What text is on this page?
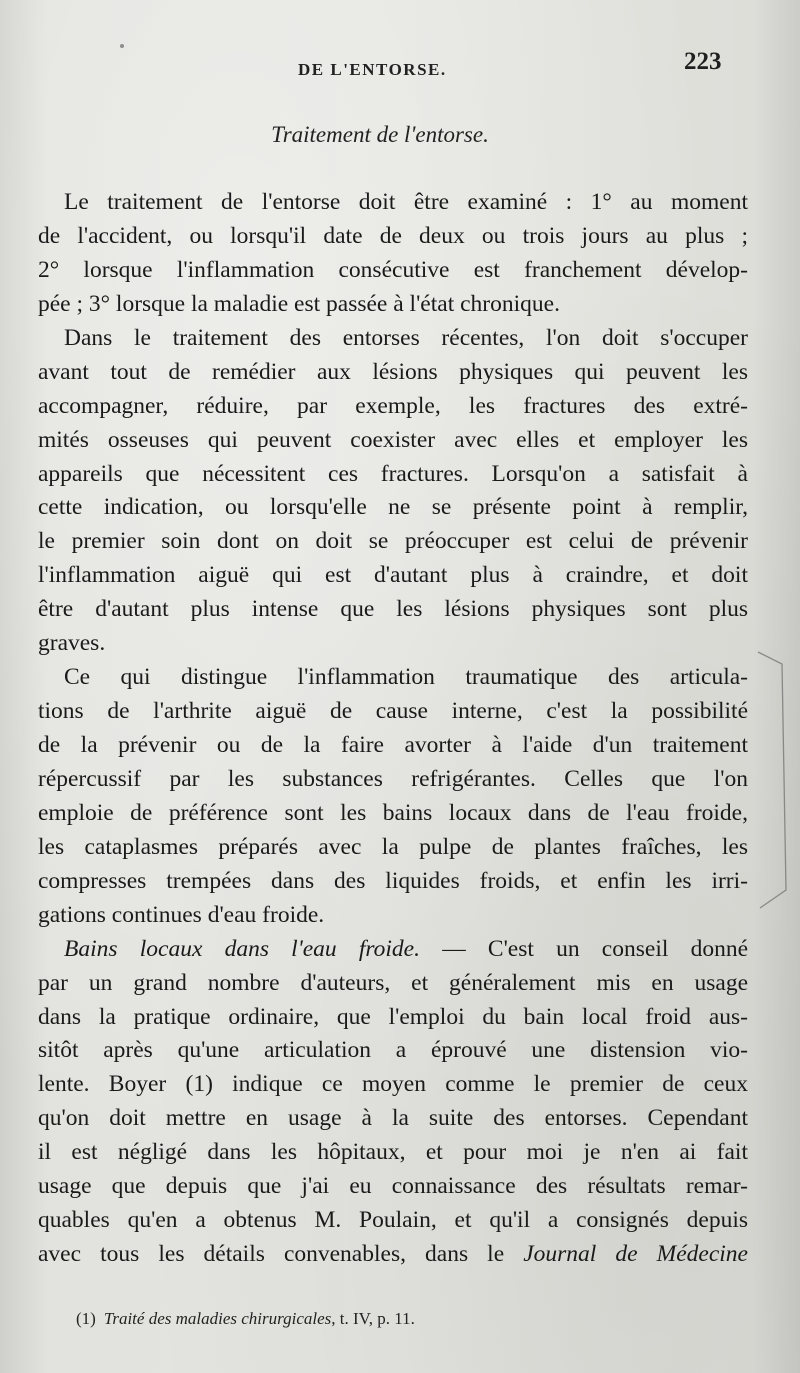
DE L'ENTORSE.	223
Traitement de l'entorse.
Le traitement de l'entorse doit être examiné : 1° au moment
de l'accident, ou lorsqu'il date de deux ou trois jours au plus ;
2° lorsque l'inflammation consécutive est franchement dévelop-
pée ; 3° lorsque la maladie est passée à l'état chronique.
Dans le traitement des entorses récentes, l'on doit s'occuper
avant tout de remédier aux lésions physiques qui peuvent les
accompagner, réduire, par exemple, les fractures des extré-
mités osseuses qui peuvent coexister avec elles et employer les
appareils que nécessitent ces fractures. Lorsqu'on a satisfait à
cette indication, ou lorsqu'elle ne se présente point à remplir,
le premier soin dont on doit se préoccuper est celui de prévenir
l'inflammation aiguë qui est d'autant plus à craindre, et doit
être d'autant plus intense que les lésions physiques sont plus
graves.
Ce qui distingue l'inflammation traumatique des articula-
tions de l'arthrite aiguë de cause interne, c'est la possibilité
de la prévenir ou de la faire avorter à l'aide d'un traitement
répercussif par les substances refrigérantes. Celles que l'on
emploie de préférence sont les bains locaux dans de l'eau froide,
les cataplasmes préparés avec la pulpe de plantes fraîches, les
compresses trempées dans des liquides froids, et enfin les irri-
gations continues d'eau froide.
Bains locaux dans l'eau froide. — C'est un conseil donné
par un grand nombre d'auteurs, et généralement mis en usage
dans la pratique ordinaire, que l'emploi du bain local froid aus-
sitôt après qu'une articulation a éprouvé une distension vio-
lente. Boyer (1) indique ce moyen comme le premier de ceux
qu'on doit mettre en usage à la suite des entorses. Cependant
il est négligé dans les hôpitaux, et pour moi je n'en ai fait
usage que depuis que j'ai eu connaissance des résultats remar-
quables qu'en a obtenus M. Poulain, et qu'il a consignés depuis
avec tous les détails convenables, dans le Journal de Médecine
(1) Traité des maladies chirurgicales, t. IV, p. 11.
